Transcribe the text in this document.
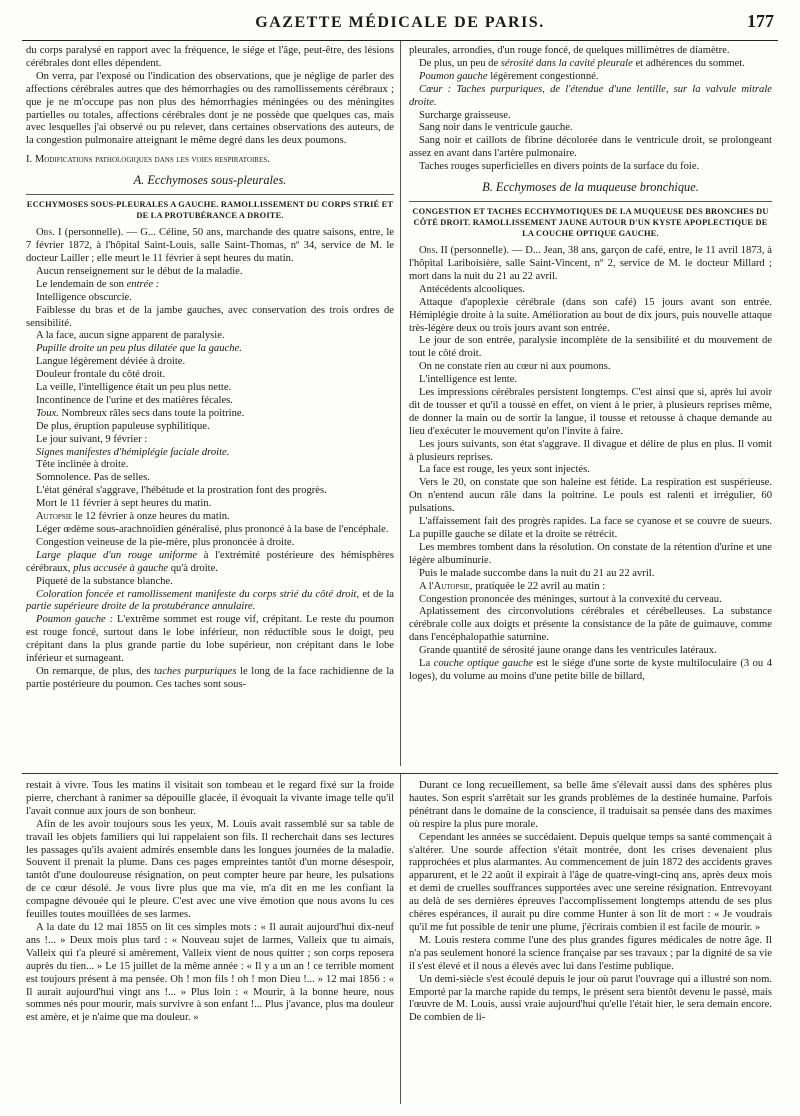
GAZETTE MÉDICALE DE PARIS.	177

du corps paralysé en rapport avec la fréquence, le siége et l'âge, peut-être, des lésions cérébrales dont elles dépendent.

On verra, par l'exposé ou l'indication des observations, que je néglige de parler des affections cérébrales autres que des hémorrhagies ou des ramollissements cérébraux ; que je ne m'occupe pas non plus des hémorrhagies méningées ou des méningites partielles ou totales, affections cérébrales dont je ne possède que quelques cas, mais avec lesquelles j'ai observé ou pu relever, dans certaines observations des auteurs, de la congestion pulmonaire atteignant le même degré dans les deux poumons.

I. Modifications pathologiques dans les voies respiratoires.

A. Ecchymoses sous-pleurales.

ECCHYMOSES SOUS-PLEURALES A GAUCHE. RAMOLLISSEMENT DU CORPS STRIÉ ET DE LA PROTUBÉRANCE A DROITE.

Obs. I (personnelle). — G... Céline, 50 ans, marchande des quatre saisons, entre, le 7 février 1872, à l'hôpital Saint-Louis, salle Saint-Thomas, nº 34, service de M. le docteur Lailler ; elle meurt le 11 février à sept heures du matin.

Aucun renseignement sur le début de la maladie.

Le lendemain de son entrée :

Intelligence obscurcie.

Faiblesse du bras et de la jambe gauches, avec conservation des trois ordres de sensibilité.

A la face, aucun signe apparent de paralysie.

Pupille droite un peu plus dilatée que la gauche.

Langue légèrement déviée à droite.

Douleur frontale du côté droit.

La veille, l'intelligence était un peu plus nette.

Incontinence de l'urine et des matières fécales.

Toux. Nombreux râles secs dans toute la poitrine.

De plus, éruption papuleuse syphilitique.

Le jour suivant, 9 février :

Signes manifestes d'hémiplégie faciale droite.

Tête inclinée à droite.

Somnolence. Pas de selles.

L'état général s'aggrave, l'hébétude et la prostration font des progrès.

Mort le 11 février à sept heures du matin.

Autopsie le 12 février à onze heures du matin.

Léger œdème sous-arachnoïdien généralisé, plus prononcé à la base de l'encéphale.

Congestion veineuse de la pie-mère, plus prononcée à droite.

Large plaque d'un rouge uniforme à l'extrémité postérieure des hémisphères cérébraux, plus accusée à gauche qu'à droite.

Piqueté de la substance blanche.

Coloration foncée et ramollissement manifeste du corps strié du côté droit, et de la partie supérieure droite de la protubérance annulaire.

Poumon gauche : L'extrême sommet est rouge vif, crépitant. Le reste du poumon est rouge foncé, surtout dans le lobe inférieur, non réductible sous le doigt, peu crépitant dans la plus grande partie du lobe supérieur, non crépitant dans le lobe inférieur et surnageant.

On remarque, de plus, des taches purpuriques le long de la face rachidienne de la partie postérieure du poumon. Ces taches sont sous-

pleurales, arrondies, d'un rouge foncé, de quelques millimètres de diamètre.

De plus, un peu de sérosité dans la cavité pleurale et adhérences du sommet.

Poumon gauche légèrement congestionné.

Cœur : Taches purpuriques, de l'étendue d'une lentille, sur la valvule mitrale droite.

Surcharge graisseuse.

Sang noir dans le ventricule gauche.

Sang noir et caillots de fibrine décolorée dans le ventricule droit, se prolongeant assez en avant dans l'artère pulmonaire.

Taches rouges superficielles en divers points de la surface du foie.

B. Ecchymoses de la muqueuse bronchique.

CONGESTION ET TACHES ECCHYMOTIQUES DE LA MUQUEUSE DES BRONCHES DU CÔTÉ DROIT. RAMOLLISSEMENT JAUNE AUTOUR D'UN KYSTE APOPLECTIQUE DE LA COUCHE OPTIQUE GAUCHE.

Obs. II (personnelle). — D... Jean, 38 ans, garçon de café, entre, le 11 avril 1873, à l'hôpital Lariboisière, salle Saint-Vincent, nº 2, service de M. le docteur Millard ; mort dans la nuit du 21 au 22 avril.

Antécédents alcooliques.

Attaque d'apoplexie cérébrale (dans son café) 15 jours avant son entrée. Hémiplégie droite à la suite. Amélioration au bout de dix jours, puis nouvelle attaque très-légère deux ou trois jours avant son entrée.

Le jour de son entrée, paralysie incomplète de la sensibilité et du mouvement de tout le côté droit.

On ne constate rien au cœur ni aux poumons.

L'intelligence est lente.

Les impressions cérébrales persistent longtemps. C'est ainsi que si, après lui avoir dit de tousser et qu'il a toussé en effet, on vient à le prier, à plusieurs reprises même, de donner la main ou de sortir la langue, il tousse et retousse à chaque demande au lieu d'exécuter le mouvement qu'on l'invite à faire.

Les jours suivants, son état s'aggrave. Il divague et délire de plus en plus. Il vomit à plusieurs reprises.

La face est rouge, les yeux sont injectés.

Vers le 20, on constate que son haleine est fétide. La respiration est suspérieuse. On n'entend aucun râle dans la poitrine. Le pouls est ralenti et irrégulier, 60 pulsations.

L'affaissement fait des progrès rapides. La face se cyanose et se couvre de sueurs. La pupille gauche se dilate et la droite se rétrécit.

Les membres tombent dans la résolution. On constate de la rétention d'urine et une légère albuminurie.

Puis le malade succombe dans la nuit du 21 au 22 avril.

A l'Autopsie, pratiquée le 22 avril au matin :

Congestion prononcée des méninges, surtout à la convexité du cerveau.

Aplatissement des circonvolutions cérébrales et cérébelleuses. La substance cérébrale colle aux doigts et présente la consistance de la pâte de guimauve, comme dans l'encéphalopathie saturnine.

Grande quantité de sérosité jaune orange dans les ventricules latéraux.

La couche optique gauche est le siége d'une sorte de kyste multiloculaire (3 ou 4 loges), du volume au moins d'une petite bille de billard,

restait à vivre. Tous les matins il visitait son tombeau et le regard fixé sur la froide pierre, cherchant à ranimer sa dépouille glacée, il évoquait la vivante image telle qu'il l'avait connue aux jours de son bonheur.

Afin de les avoir toujours sous les yeux, M. Louis avait rassemblé sur sa table de travail les objets familiers qui lui rappelaient son fils. Il recherchait dans ses lectures les passages qu'ils avaient admirés ensemble dans les longues journées de la maladie. Souvent il prenait la plume. Dans ces pages empreintes tantôt d'un morne désespoir, tantôt d'une douloureuse résignation, on peut compter heure par heure, les pulsations de ce cœur désolé. Je vous livre plus que ma vie, m'a dit en me les confiant la compagne dévouée qui le pleure. C'est avec une vive émotion que nous avons lu ces feuilles toutes mouillées de ses larmes.

A la date du 12 mai 1855 on lit ces simples mots : « Il aurait aujourd'hui dix-neuf ans !... » Deux mois plus tard : « Nouveau sujet de larmes, Valleix que tu aimais, Valleix qui t'a pleuré si amèrement, Valleix vient de nous quitter ; son corps reposera auprès du tien... » Le 15 juillet de la même année : « Il y a un an ! ce terrible moment est toujours présent à ma pensée. Oh ! mon fils ! oh ! mon Dieu !... » 12 mai 1856 : « Il aurait aujourd'hui vingt ans !... » Plus loin : « Mourir, à la bonne heure, nous sommes nés pour mourir, mais survivre à son enfant !... Plus j'avance, plus ma douleur est amère, et je n'aime que ma douleur. »

Durant ce long recueillement, sa belle âme s'élevait aussi dans des sphères plus hautes. Son esprit s'arrêtait sur les grands problèmes de la destinée humaine. Parfois pénétrant dans le domaine de la conscience, il traduisait sa pensée dans des maximes où respire la plus pure morale.

Cependant les années se succédaient. Depuis quelque temps sa santé commençait à s'altérer. Une sourde affection s'était montrée, dont les crises devenaient plus rapprochées et plus alarmantes. Au commencement de juin 1872 des accidents graves apparurent, et le 22 août il expirait à l'âge de quatre-vingt-cinq ans, après deux mois et demi de cruelles souffrances supportées avec une sereine résignation. Entrevoyant au delà de ses dernières épreuves l'accomplissement longtemps attendu de ses plus chères espérances, il aurait pu dire comme Hunter à son lit de mort : « Je voudrais qu'il me fut possible de tenir une plume, j'écrirais combien il est facile de mourir. »

M. Louis restera comme l'une des plus grandes figures médicales de notre âge. Il n'a pas seulement honoré la science française par ses travaux ; par la dignité de sa vie il s'est élevé et il nous a élevés avec lui dans l'estime publique.

Un demi-siècle s'est écoulé depuis le jour où parut l'ouvrage qui a illustré son nom. Emporté par la marche rapide du temps, le présent sera bientôt devenu le passé, mais l'œuvre de M. Louis, aussi vraie aujourd'hui qu'elle l'était hier, le sera demain encore. De combien de li-
